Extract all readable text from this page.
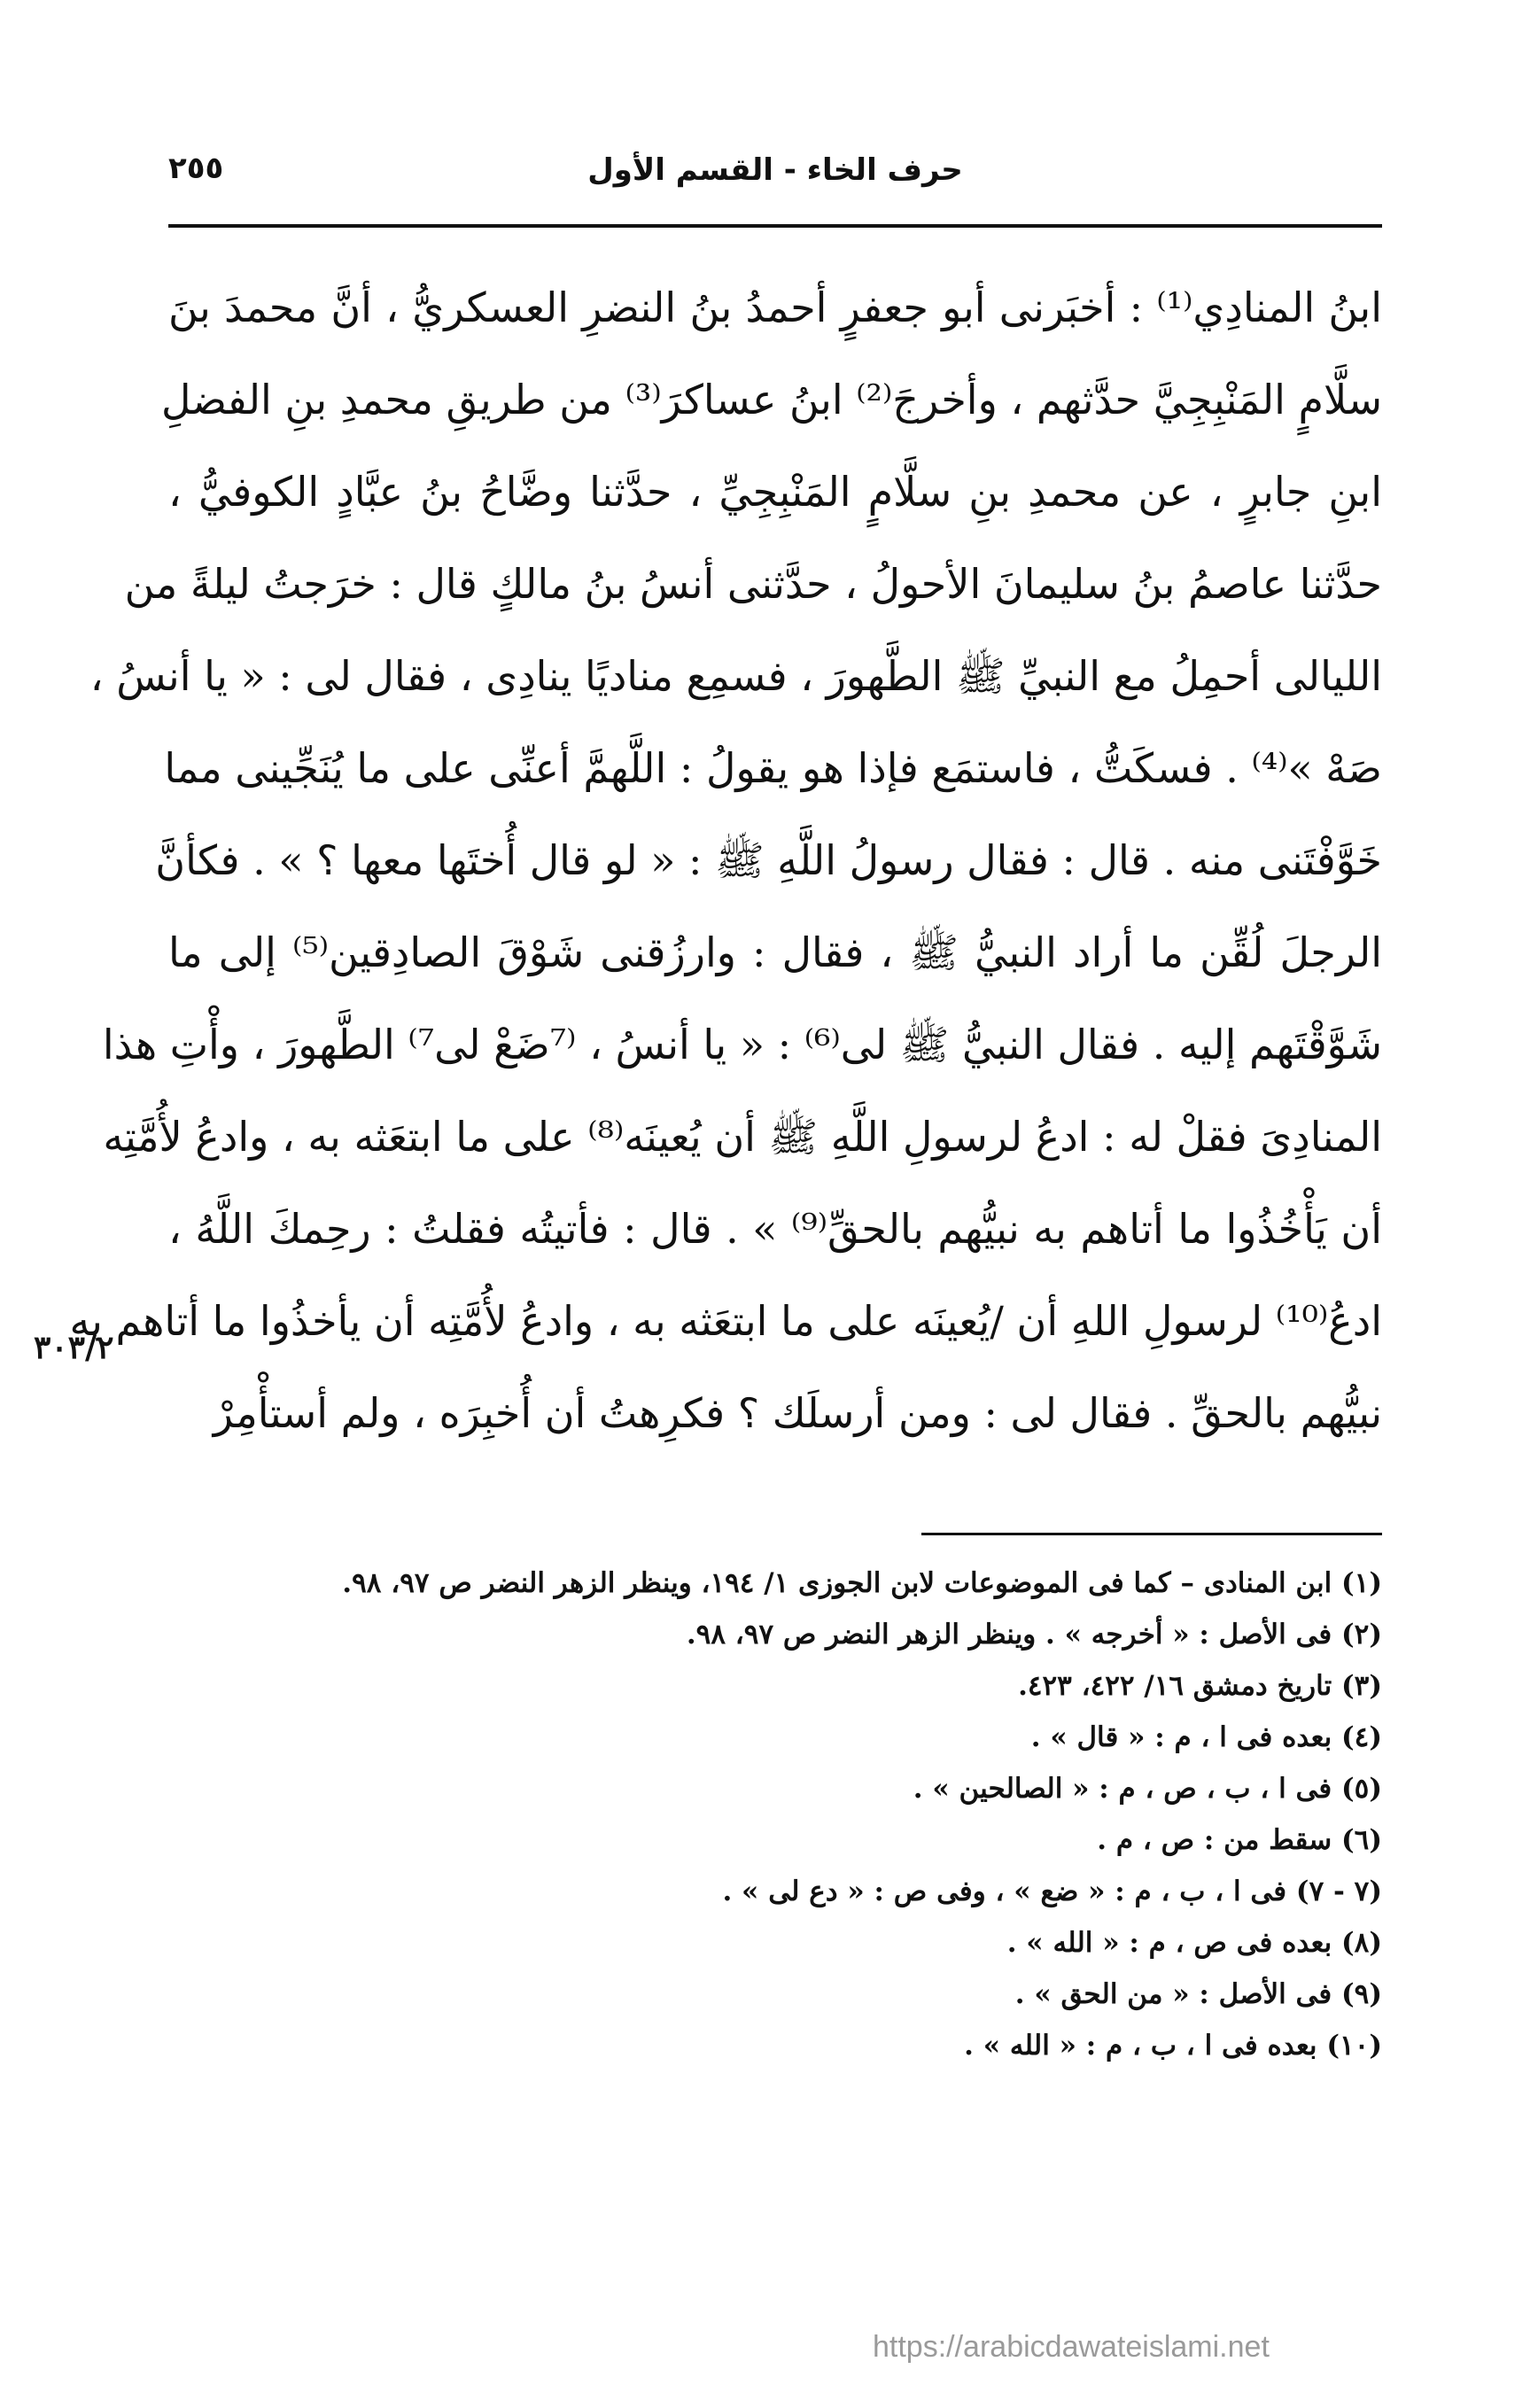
٢٥٥	حرف الخاء - القسم الأول
ابنُ المنادِي⁽¹⁾ : أخبَرنى أبو جعفرٍ أحمدُ بنُ النضرِ العسكريُّ ، أنَّ محمدَ بنَ
سلَّامٍ المَنْبِجِيَّ حدَّثهم ، وأخرجَ⁽²⁾ ابنُ عساكرَ⁽³⁾ من طريقِ محمدِ بنِ الفضلِ
ابنِ جابرٍ ، عن محمدِ بنِ سلَّامٍ المَنْبِجِيِّ ، حدَّثنا وضَّاحُ بنُ عبَّادٍ الكوفيُّ ،
حدَّثنا عاصمُ بنُ سليمانَ الأحولُ ، حدَّثنى أنسُ بنُ مالكٍ قال : خرَجتُ ليلةً من
الليالى أحمِلُ مع النبيِّ ﷺ الطَّهورَ ، فسمِع مناديًا ينادِى ، فقال لى : « يا أنسُ ،
صَهْ »⁽⁴⁾ . فسكَتُّ ، فاستمَع فإذا هو يقولُ : اللَّهمَّ أعنِّى على ما يُنَجِّينى مما
خَوَّفْتَنى منه . قال : فقال رسولُ اللَّهِ ﷺ : « لو قال أُختَها معها ؟ » . فكأنَّ
الرجلَ لُقِّن ما أراد النبيُّ ﷺ ، فقال : وارزُقنى شَوْقَ الصادِقين⁽⁵⁾ إلى ما
شَوَّقْتَهم إليه . فقال النبيُّ ﷺ لى⁽⁶⁾ : « يا أنسُ ، ⁽⁷ضَعْ لى⁷⁾ الطَّهورَ ، وأْتِ هذا
المنادِىَ فقلْ له : ادعُ لرسولِ اللَّهِ ﷺ أن يُعينَه⁽⁸⁾ على ما ابتعَثه به ، وادعُ لأُمَّتِه
أن يَأْخُذُوا ما أتاهم به نبيُّهم بالحقِّ⁽⁹⁾ » . قال : فأتيتُه فقلتُ : رحِمكَ اللَّهُ ،
ادعُ⁽¹⁰⁾ لرسولِ اللهِ أن /يُعينَه على ما ابتعَثه به ، وادعُ لأُمَّتِه أن يأخذُوا ما أتاهم به
نبيُّهم بالحقِّ . فقال لى : ومن أرسلَك ؟ فكرِهتُ أن أُخبِرَه ، ولم أستأْمِرْ
٣٠٣/٢
(١) ابن المنادى – كما فى الموضوعات لابن الجوزى ١/ ١٩٤، وينظر الزهر النضر ص ٩٧، ٩٨.
(٢) فى الأصل : « أخرجه » . وينظر الزهر النضر ص ٩٧، ٩٨.
(٣) تاريخ دمشق ١٦/ ٤٢٢، ٤٢٣.
(٤) بعده فى ا ، م : « قال » .
(٥) فى ا ، ب ، ص ، م : « الصالحين » .
(٦) سقط من : ص ، م .
(٧ - ٧) فى ا ، ب ، م : « ضع » ، وفى ص : « دع لى » .
(٨) بعده فى ص ، م : « الله » .
(٩) فى الأصل : « من الحق » .
(١٠) بعده فى ا ، ب ، م : « الله » .
https://arabicdawateislami.net
